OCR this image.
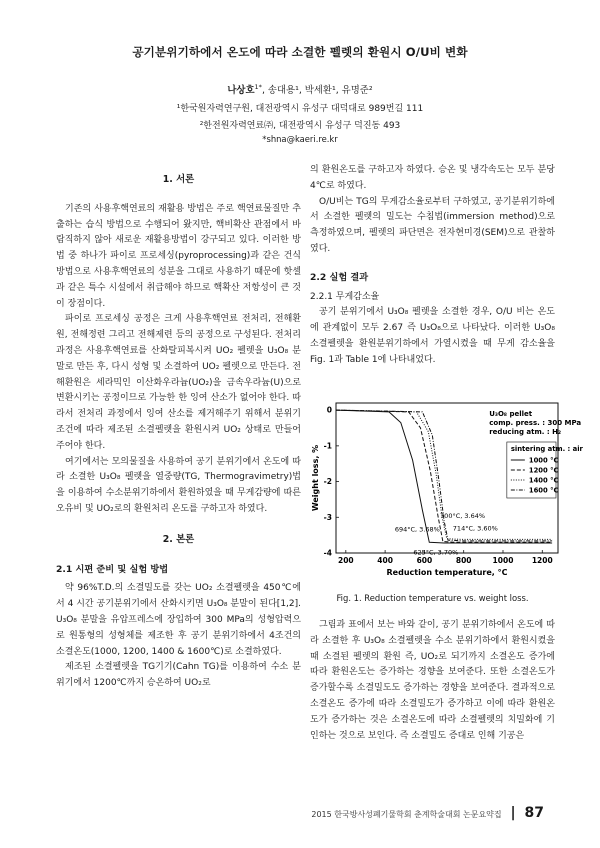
공기분위기하에서 온도에 따라 소결한 펠렛의 환원시 O/U비 변화
나상호$^{1*}$, 송대용¹, 박세환¹, 유명준²
¹한국원자력연구원, 대전광역시 유성구 대덕대로 989번길 111
²한전원자력연료㈜, 대전광역시 유성구 덕진동 493
*shna@kaeri.re.kr
1. 서론

기존의 사용후핵연료의 재활용 방법은 주로 핵연료물질만 추출하는 습식 방법으로 수행되어 왔지만, 핵비확산 관점에서 바람직하지 않아 새로운 재활용방법이 강구되고 있다. 이러한 방법 중 하나가 파이로 프로세싱(pyroprocessing)과 같은 건식방법으로 사용후핵연료의 성분을 그대로 사용하기 때문에 핫셀과 같은 특수 시설에서 취급해야 하므로 핵확산 저항성이 큰 것이 장점이다.

파이로 프로세싱 공정은 크게 사용후핵연료 전처리, 전해환원, 전해정련 그리고 전해제련 등의 공정으로 구성된다. 전처리과정은 사용후핵연료를 산화탈피복시켜 UO₂ 펠렛을 U₃O₈ 분말로 만든 후, 다시 성형 및 소결하여 UO₂ 펠렛으로 만든다. 전해환원은 세라믹인 이산화우라늄(UO₂)을 금속우라늄(U)으로 변환시키는 공정이므로 가능한 한 잉여 산소가 없어야 한다. 따라서 전처리 과정에서 잉여 산소를 제거해주기 위해서 분위기 조건에 따라 제조된 소결펠렛을 환원시켜 UO₂ 상태로 만들어 주어야 한다.

여기에서는 모의물질을 사용하여 공기 분위기에서 온도에 따라 소결한 U₃O₈ 펠렛을 열중량(TG, Thermogravimetry)법을 이용하여 수소분위기하에서 환원하였을 때 무게감량에 따른 오유비 및 UO₂로의 환원처리 온도를 구하고자 하였다.

2. 본론
2.1 시편 준비 및 실험 방법

약 96%T.D.의 소결밀도를 갖는 UO₂ 소결펠렛을 450℃에서 4 시간 공기분위기에서 산화시키면 U₃O₈ 분말이 된다[1,2]. U₃O₈ 분말을 유압프레스에 장입하여 300 MPa의 성형압력으로 원통형의 성형체를 제조한 후 공기 분위기하에서 4조건의 소결온도(1000, 1200, 1400 & 1600℃)로 소결하였다.

제조된 소결펠렛을 TG기기(Cahn TG)를 이용하여 수소 분위기에서 1200℃까지 승온하여 UO₂로

의 환원온도를 구하고자 하였다. 승온 및 냉각속도는 모두 분당 4℃로 하였다.

O/U비는 TG의 무게감소율로부터 구하였고, 공기분위기하에서 소결한 펠렛의 밀도는 수침법(immersion method)으로 측정하였으며, 펠렛의 파단면은 전자현미경(SEM)으로 관찰하였다.

2.2 실험 결과
2.2.1 무게감소율

공기 분위기에서 U₃O₈ 펠렛을 소결한 경우, O/U 비는 온도에 관계없이 모두 2.67 즉 U₃O₈으로 나타났다. 이러한 U₃O₈ 소결펠렛을 환원분위기하에서 가열시켰을 때 무게 감소율을 Fig. 1과 Table 1에 나타내었다.

200	400	600	800	1000 1200
0
-1
-2
-3
-4
Reduction temperature, °C
Weight loss, %
U₃O₈ pellet
comp. press. : 300 MPa
reducing atm. : H₂
sintering atm. : air
1000 °C
1200 °C
1400 °C
1600 °C
625°C, 3.70%
694°C, 3.68%
700°C, 3.64%
714°C, 3.60%
Fig. 1. Reduction temperature vs. weight loss.

그림과 표에서 보는 바와 같이, 공기 분위기하에서 온도에 따라 소결한 후 U₃O₈ 소결펠렛을 수소 분위기하에서 환원시켰을 때 소결된 펠렛의 환원 즉, UO₂로 되기까지 소결온도 증가에 따라 환원온도는 증가하는 경향을 보여준다. 또한 소결온도가 증가할수록 소결밀도도 증가하는 경향을 보여준다. 결과적으로 소결온도 증가에 따라 소결밀도가 증가하고 이에 따라 환원온도가 증가하는 것은 소결온도에 따라 소결펠렛의 치밀화에 기인하는 것으로 보인다. 즉 소결밀도 증대로 인해 기공은

2015 한국방사성폐기물학회 춘계학술대회 논문요약집 | 87
